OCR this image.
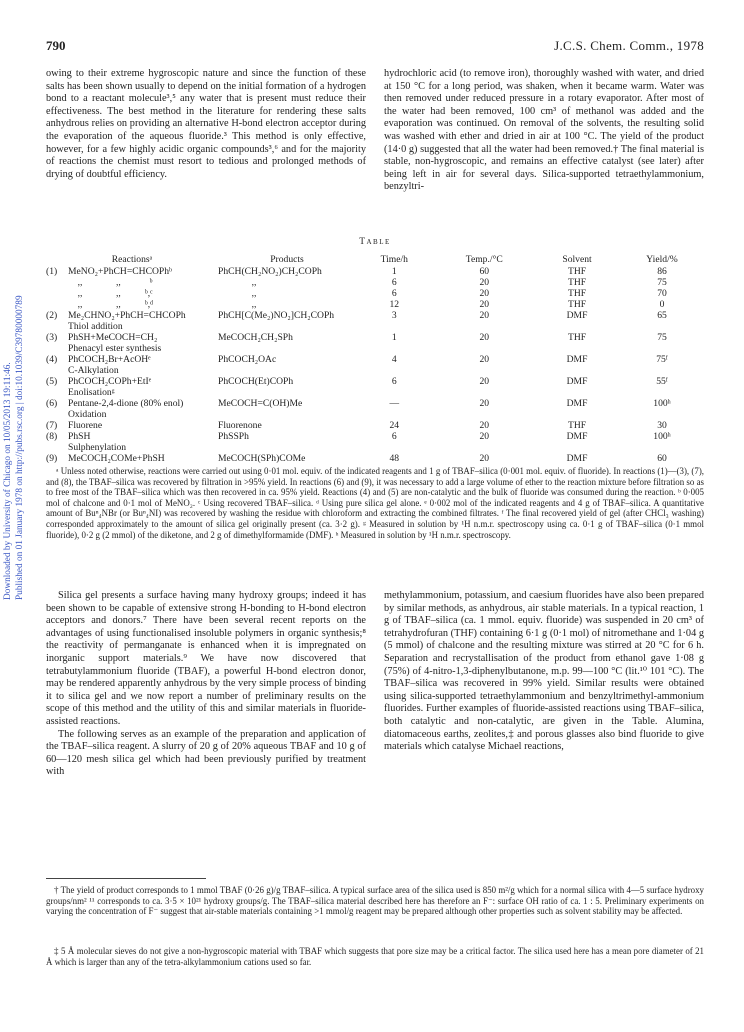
Downloaded by University of Chicago on 10/05/2013 19:11:46. Published on 01 January 1978 on http://pubs.rsc.org | doi:10.1039/C39780000789
790	J.C.S. Chem. Comm., 1978

owing to their extreme hygroscopic nature and since the function of these salts has been shown usually to depend on the initial formation of a hydrogen bond to a reactant molecule³,⁵ any water that is present must reduce their effectiveness. The best method in the literature for rendering these salts anhydrous relies on providing an alternative H-bond electron acceptor during the evaporation of the aqueous fluoride.³ This method is only effective, however, for a few highly acidic organic compounds³,⁶ and for the majority of reactions the chemist must resort to tedious and prolonged methods of drying of doubtful efficiency.

hydrochloric acid (to remove iron), thoroughly washed with water, and dried at 150 °C for a long period, was shaken, when it became warm. Water was then removed under reduced pressure in a rotary evaporator. After most of the water had been removed, 100 cm³ of methanol was added and the evaporation was continued. On removal of the solvents, the resulting solid was washed with ether and dried in air at 100 °C. The yield of the product (14·0 g) suggested that all the water had been removed.† The final material is stable, non-hygroscopic, and remains an effective catalyst (see later) after being left in air for several days. Silica-supported tetraethylammonium, benzyltri-

Table
Reactionsᵃ		Products	Time/h	Temp./°C	Solvent	Yield/%
(1)	MeNO₂+PhCH=CHCOPhᵇ	PhCH(CH₂NO₂)CH₂COPh	1	60	THF	86
	,,              ,,            ᵇ	,,	6	20	THF	75
	,,              ,,          ᵇ,ᶜ	,,	6	20	THF	70
	,,              ,,          ᵇ,ᵈ	,,	12	20	THF	0
(2)	Me₂CHNO₂+PhCH=CHCOPh	PhCH[C(Me₂)NO₂]CH₂COPh	3	20	DMF	65
	Thiol addition					
(3)	PhSH+MeCOCH=CH₂	MeCOCH₂CH₂SPh	1	20	THF	75
	Phenacyl ester synthesis					
(4)	PhCOCH₂Br+AcOHᵉ	PhCOCH₂OAc	4	20	DMF	75ᶠ
	C-Alkylation					
(5)	PhCOCH₂COPh+EtIᵉ	PhCOCH(Et)COPh	6	20	DMF	55ᶠ
	Enolisationᵍ					
(6)	Pentane-2,4-dione (80% enol)	MeCOCH=C(OH)Me	—	20	DMF	100ʰ
	Oxidation					
(7)	Fluorene	Fluorenone	24	20	THF	30
(8)	PhSH	PhSSPh	6	20	DMF	100ʰ
	Sulphenylation					
(9)	MeCOCH₂COMe+PhSH	MeCOCH(SPh)COMe	48	20	DMF	60

ᵃ Unless noted otherwise, reactions were carried out using 0·01 mol. equiv. of the indicated reagents and 1 g of TBAF–silica (0·001 mol. equiv. of fluoride). In reactions (1)—(3), (7), and (8), the TBAF–silica was recovered by filtration in >95% yield. In reactions (6) and (9), it was necessary to add a large volume of ether to the reaction mixture before filtration so as to free most of the TBAF–silica which was then recovered in ca. 95% yield. Reactions (4) and (5) are non-catalytic and the bulk of fluoride was consumed during the reaction. ᵇ 0·005 mol of chalcone and 0·1 mol of MeNO₂. ᶜ Using recovered TBAF–silica. ᵈ Using pure silica gel alone. ᵉ 0·002 mol of the indicated reagents and 4 g of TBAF–silica. A quantitative amount of Buⁿ₄NBr (or Buⁿ₄NI) was recovered by washing the residue with chloroform and extracting the combined filtrates. ᶠ The final recovered yield of gel (after CHCl₃ washing) corresponded approximately to the amount of silica gel originally present (ca. 3·2 g). ᵍ Measured in solution by ¹H n.m.r. spectroscopy using ca. 0·1 g of TBAF–silica (0·1 mmol fluoride), 0·2 g (2 mmol) of the diketone, and 2 g of dimethylformamide (DMF). ʰ Measured in solution by ¹H n.m.r. spectroscopy.

Silica gel presents a surface having many hydroxy groups; indeed it has been shown to be capable of extensive strong H-bonding to H-bond electron acceptors and donors.⁷ There have been several recent reports on the advantages of using functionalised insoluble polymers in organic synthesis;⁸ the reactivity of permanganate is enhanced when it is impregnated on inorganic support materials.⁹ We have now discovered that tetrabutylammonium fluoride (TBAF), a powerful H-bond electron donor, may be rendered apparently anhydrous by the very simple process of binding it to silica gel and we now report a number of preliminary results on the scope of this method and the utility of this and similar materials in fluoride-assisted reactions.

The following serves as an example of the preparation and application of the TBAF–silica reagent. A slurry of 20 g of 20% aqueous TBAF and 10 g of 60—120 mesh silica gel which had been previously purified by treatment with

methylammonium, potassium, and caesium fluorides have also been prepared by similar methods, as anhydrous, air stable materials. In a typical reaction, 1 g of TBAF–silica (ca. 1 mmol. equiv. fluoride) was suspended in 20 cm³ of tetrahydrofuran (THF) containing 6·1 g (0·1 mol) of nitromethane and 1·04 g (5 mmol) of chalcone and the resulting mixture was stirred at 20 °C for 6 h. Separation and recrystallisation of the product from ethanol gave 1·08 g (75%) of 4-nitro-1,3-diphenylbutanone, m.p. 99—100 °C (lit.¹⁰ 101 °C). The TBAF–silica was recovered in 99% yield. Similar results were obtained using silica-supported tetraethylammonium and benzyltrimethyl-ammonium fluorides. Further examples of fluoride-assisted reactions using TBAF–silica, both catalytic and non-catalytic, are given in the Table. Alumina, diatomaceous earths, zeolites,‡ and porous glasses also bind fluoride to give materials which catalyse Michael reactions,

† The yield of product corresponds to 1 mmol TBAF (0·26 g)/g TBAF–silica. A typical surface area of the silica used is 850 m²/g which for a normal silica with 4—5 surface hydroxy groups/nm² ¹¹ corresponds to ca. 3·5 × 10²¹ hydroxy groups/g. The TBAF–silica material described here has therefore an F⁻: surface OH ratio of ca. 1 : 5. Preliminary experiments on varying the concentration of F⁻ suggest that air-stable materials containing >1 mmol/g reagent may be prepared although other properties such as solvent stability may be affected.

‡ 5 Å molecular sieves do not give a non-hygroscopic material with TBAF which suggests that pore size may be a critical factor. The silica used here has a mean pore diameter of 21 Å which is larger than any of the tetra-alkylammonium cations used so far.
